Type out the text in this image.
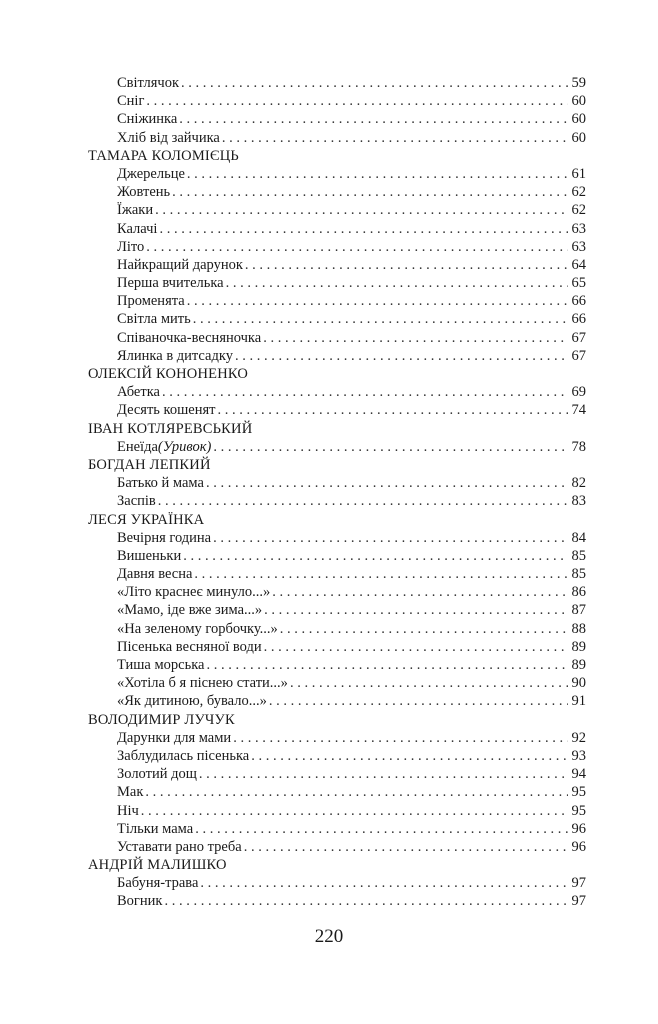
Світлячок . . .	59
Сніг . . .	60
Сніжинка . . .	60
Хліб від зайчика . . .	60
ТАМАРА КОЛОМІЄЦЬ
Джерельце . . .	61
Жовтень . . .	62
Їжаки . . .	62
Калачі . . .	63
Літо . . .	63
Найкращий дарунок . . .	64
Перша вчителька . . .	65
Променята . . .	66
Світла мить . . .	66
Співаночка-весняночка . . .	67
Ялинка в дитсадку . . .	67
ОЛЕКСІЙ КОНОНЕНКО
Абетка . . .	69
Десять кошенят . . .	74
ІВАН КОТЛЯРЕВСЬКИЙ
Енеїда(Уривок) . . .	78
БОГДАН ЛЕПКИЙ
Батько й мама . . .	82
Заспів . . .	83
ЛЕСЯ УКРАЇНКА
Вечірня година . . .	84
Вишеньки . . .	85
Давня весна . . .	85
«Літо краснеє минуло...» . . .	86
«Мамо, іде вже зима...» . . .	87
«На зеленому горбочку...» . . .	88
Пісенька весняної води . . .	89
Тиша морська . . .	89
«Хотіла б я піснею стати...» . . .	90
«Як дитиною, бувало...» . . .	91
ВОЛОДИМИР ЛУЧУК
Дарунки для мами . . .	92
Заблудилась пісенька . . .	93
Золотий дощ . . .	94
Мак . . .	95
Ніч . . .	95
Тільки мама . . .	96
Уставати рано треба . . .	96
АНДРІЙ МАЛИШКО
Бабуня-трава . . .	97
Вогник . . .	97
220
